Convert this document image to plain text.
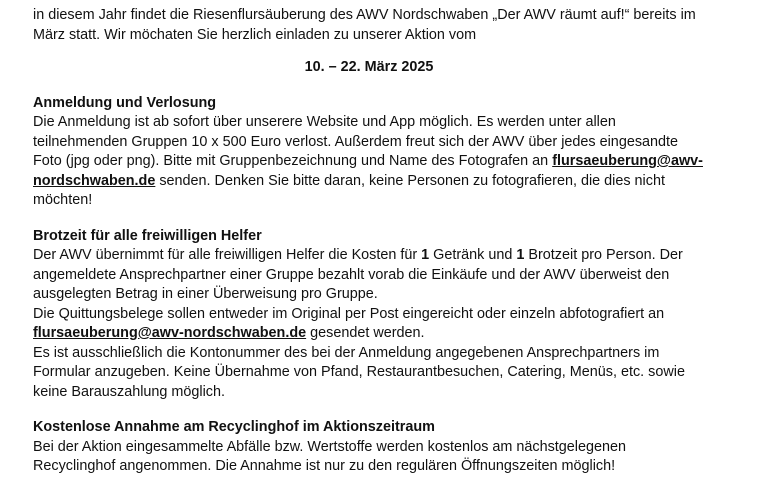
in diesem Jahr findet die Riesenflursäuberung des AWV Nordschwaben „Der AWV räumt auf!“ bereits im
März statt. Wir möchaten Sie herzlich einladen zu unserer Aktion vom
10. – 22. März 2025
Anmeldung und Verlosung
Die Anmeldung ist ab sofort über unserere Website und App möglich. Es werden unter allen
teilnehmenden Gruppen 10 x 500 Euro verlost. Außerdem freut sich der AWV über jedes eingesandte
Foto (jpg oder png). Bitte mit Gruppenbezeichnung und Name des Fotografen an flursaeuberung@awv-
nordschwaben.de senden. Denken Sie bitte daran, keine Personen zu fotografieren, die dies nicht
möchten!
Brotzeit für alle freiwilligen Helfer
Der AWV übernimmt für alle freiwilligen Helfer die Kosten für 1 Getränk und 1 Brotzeit pro Person. Der
angemeldete Ansprechpartner einer Gruppe bezahlt vorab die Einkäufe und der AWV überweist den
ausgelegten Betrag in einer Überweisung pro Gruppe.
Die Quittungsbelege sollen entweder im Original per Post eingereicht oder einzeln abfotografiert an
flursaeuberung@awv-nordschwaben.de gesendet werden.
Es ist ausschließlich die Kontonummer des bei der Anmeldung angegebenen Ansprechpartners im
Formular anzugeben. Keine Übernahme von Pfand, Restaurantbesuchen, Catering, Menüs, etc. sowie
keine Barauszahlung möglich.
Kostenlose Annahme am Recyclinghof im Aktionszeitraum
Bei der Aktion eingesammelte Abfälle bzw. Wertstoffe werden kostenlos am nächstgelegenen
Recyclinghof angenommen. Die Annahme ist nur zu den regulären Öffnungszeiten möglich!
